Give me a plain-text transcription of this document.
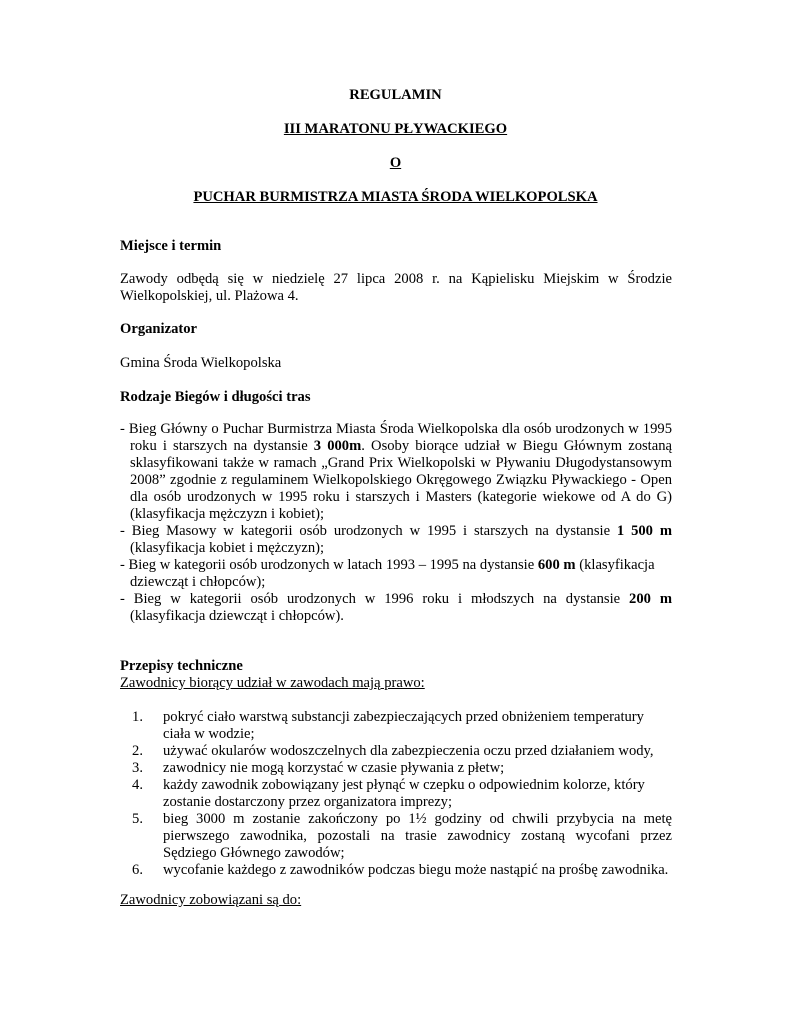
REGULAMIN
III MARATONU PŁYWACKIEGO
O
PUCHAR BURMISTRZA MIASTA ŚRODA WIELKOPOLSKA
Miejsce i termin
Zawody odbędą się w niedzielę 27 lipca 2008 r. na Kąpielisku Miejskim w Środzie
Wielkopolskiej, ul. Plażowa 4.
Organizator
Gmina Środa Wielkopolska
Rodzaje Biegów i długości tras
- Bieg Główny o Puchar Burmistrza Miasta Środa Wielkopolska dla osób urodzonych w 1995
roku i starszych na dystansie 3 000m. Osoby biorące udział w Biegu Głównym zostaną
sklasyfikowani także w ramach „Grand Prix Wielkopolski w Pływaniu Długodystansowym
2008” zgodnie z regulaminem Wielkopolskiego Okręgowego Związku Pływackiego - Open
dla osób urodzonych w 1995 roku i starszych i Masters (kategorie wiekowe od A do G)
(klasyfikacja mężczyzn i kobiet);
- Bieg Masowy w kategorii osób urodzonych w 1995 i starszych na dystansie 1 500 m
(klasyfikacja kobiet i mężczyzn);
- Bieg w kategorii osób urodzonych w latach 1993 – 1995 na dystansie 600 m (klasyfikacja
dziewcząt i chłopców);
- Bieg w kategorii osób urodzonych w 1996 roku i młodszych na dystansie 200 m
(klasyfikacja dziewcząt i chłopców).
Przepisy techniczne
Zawodnicy biorący udział w zawodach mają prawo:
1. pokryć ciało warstwą substancji zabezpieczających przed obniżeniem temperatury
ciała w wodzie;
2. używać okularów wodoszczelnych dla zabezpieczenia oczu przed działaniem wody,
3. zawodnicy nie mogą korzystać w czasie pływania z płetw;
4. każdy zawodnik zobowiązany jest płynąć w czepku o odpowiednim kolorze, który
zostanie dostarczony przez organizatora imprezy;
5. bieg 3000 m zostanie zakończony po 1½ godziny od chwili przybycia na metę
pierwszego zawodnika, pozostali na trasie zawodnicy zostaną wycofani przez
Sędziego Głównego zawodów;
6. wycofanie każdego z zawodników podczas biegu może nastąpić na prośbę zawodnika.
Zawodnicy zobowiązani są do:
